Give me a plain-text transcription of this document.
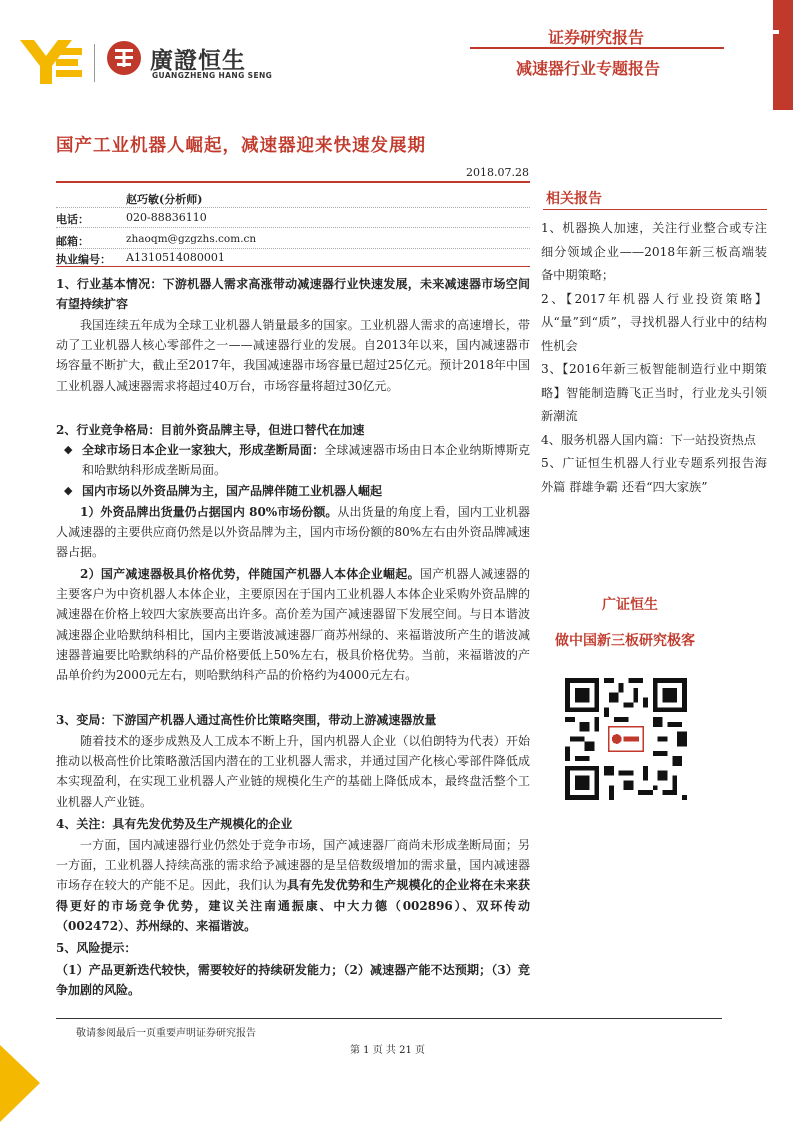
廣證恒生
GUANGZHENG HANG SENG
证券研究报告
减速器行业专题报告
国产工业机器人崛起，减速器迎来快速发展期
2018.07.28
赵巧敏(分析师)
电话：	020-88836110
邮箱：	zhaoqm@gzgzhs.com.cn
执业编号： A1310514080001
1、行业基本情况：下游机器人需求高涨带动减速器行业快速发展，未来减速器市场空间有望持续扩容
我国连续五年成为全球工业机器人销量最多的国家。工业机器人需求的高速增长，带动了工业机器人核心零部件之一——减速器行业的发展。自2013年以来，国内减速器市场容量不断扩大，截止至2017年，我国减速器市场容量已超过25亿元。预计2018年中国工业机器人减速器需求将超过40万台，市场容量将超过30亿元。
2、行业竞争格局：目前外资品牌主导，但进口替代在加速
◆ 全球市场日本企业一家独大，形成垄断局面：全球减速器市场由日本企业纳斯博斯克和哈默纳科形成垄断局面。
◆ 国内市场以外资品牌为主，国产品牌伴随工业机器人崛起
1）外资品牌出货量仍占据国内 80%市场份额。从出货量的角度上看，国内工业机器人减速器的主要供应商仍然是以外资品牌为主，国内市场份额的80%左右由外资品牌减速器占据。
2）国产减速器极具价格优势，伴随国产机器人本体企业崛起。国产机器人减速器的主要客户为中资机器人本体企业，主要原因在于国内工业机器人本体企业采购外资品牌的减速器在价格上较四大家族要高出许多。高价差为国产减速器留下发展空间。与日本谐波减速器企业哈默纳科相比，国内主要谐波减速器厂商苏州绿的、来福谐波所产生的谐波减速器普遍要比哈默纳科的产品价格要低上50%左右，极具价格优势。当前，来福谐波的产品单价约为2000元左右，则哈默纳科产品的价格约为4000元左右。
3、变局：下游国产机器人通过高性价比策略突围，带动上游减速器放量
随着技术的逐步成熟及人工成本不断上升，国内机器人企业（以伯朗特为代表）开始推动以极高性价比策略激活国内潜在的工业机器人需求，并通过国产化核心零部件降低成本实现盈利，在实现工业机器人产业链的规模化生产的基础上降低成本，最终盘活整个工业机器人产业链。
4、关注：具有先发优势及生产规模化的企业
一方面，国内减速器行业仍然处于竞争市场，国产减速器厂商尚未形成垄断局面；另一方面，工业机器人持续高涨的需求给予减速器的是呈倍数级增加的需求量，国内减速器市场存在较大的产能不足。因此，我们认为具有先发优势和生产规模化的企业将在未来获得更好的市场竞争优势，建议关注南通振康、中大力德（002896）、双环传动（002472）、苏州绿的、来福谐波。
5、风险提示：
（1）产品更新迭代较快，需要较好的持续研发能力；（2）减速器产能不达预期；（3）竞争加剧的风险。
相关报告
1、机器换人加速，关注行业整合或专注细分领域企业——2018年新三板高端装备中期策略；
2、【2017年机器人行业投资策略】从“量”到“质”，寻找机器人行业中的结构性机会
3、【2016年新三板智能制造行业中期策略】智能制造腾飞正当时，行业龙头引领新潮流
4、服务机器人国内篇：下一站投资热点
5、广证恒生机器人行业专题系列报告海外篇 群雄争霸 还看“四大家族”
广证恒生
做中国新三板研究极客
敬请参阅最后一页重要声明证券研究报告
第 1 页 共 21 页
